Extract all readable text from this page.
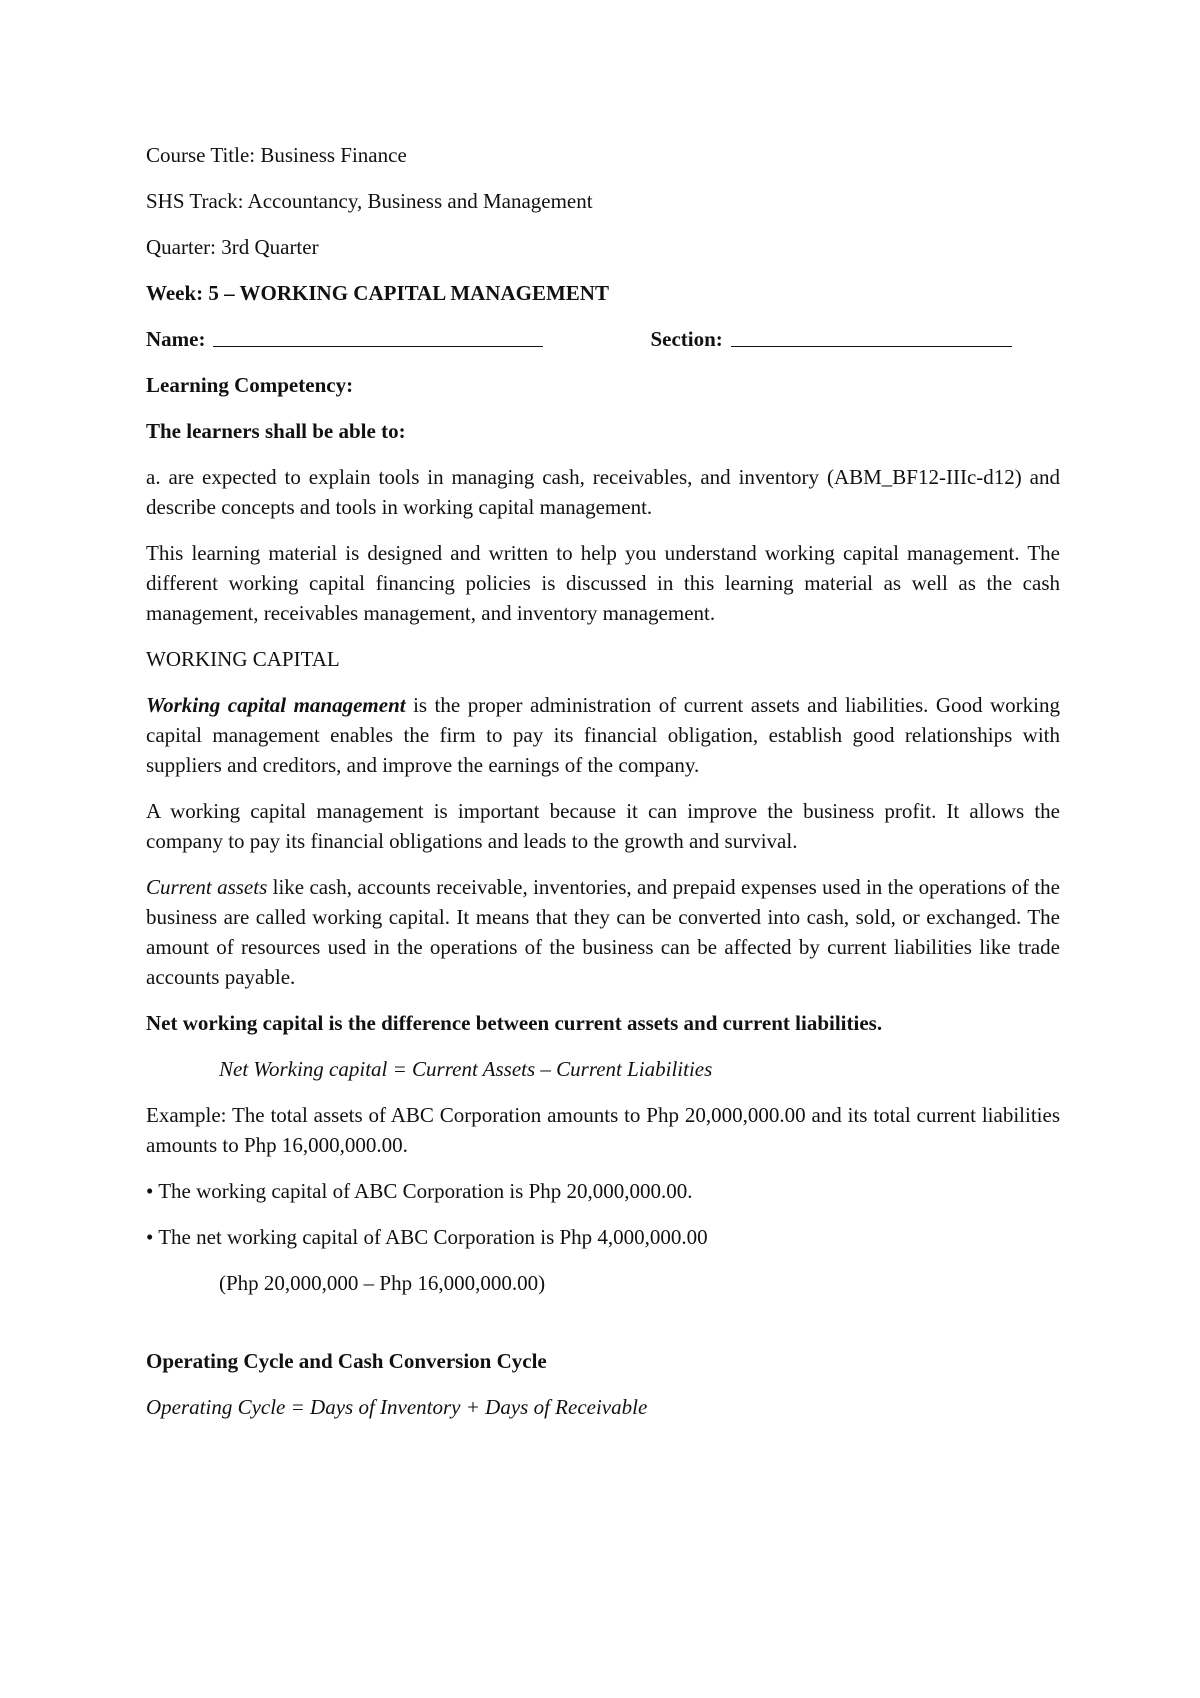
Course Title: Business Finance

SHS Track: Accountancy, Business and Management

Quarter: 3rd Quarter

Week: 5 – WORKING CAPITAL MANAGEMENT

Name:	Section:

Learning Competency:

The learners shall be able to:

a. are expected to explain tools in managing cash, receivables, and inventory (ABM_BF12-IIIc-d12) and describe concepts and tools in working capital management.

This learning material is designed and written to help you understand working capital management. The different working capital financing policies is discussed in this learning material as well as the cash management, receivables management, and inventory management.

WORKING CAPITAL

Working capital management is the proper administration of current assets and liabilities. Good working capital management enables the firm to pay its financial obligation, establish good relationships with suppliers and creditors, and improve the earnings of the company.

A working capital management is important because it can improve the business profit. It allows the company to pay its financial obligations and leads to the growth and survival.

Current assets like cash, accounts receivable, inventories, and prepaid expenses used in the operations of the business are called working capital. It means that they can be converted into cash, sold, or exchanged. The amount of resources used in the operations of the business can be affected by current liabilities like trade accounts payable.

Net working capital is the difference between current assets and current liabilities.

Net Working capital = Current Assets – Current Liabilities

Example: The total assets of ABC Corporation amounts to Php 20,000,000.00 and its total current liabilities amounts to Php 16,000,000.00.

• The working capital of ABC Corporation is Php 20,000,000.00.

• The net working capital of ABC Corporation is Php 4,000,000.00

(Php 20,000,000 – Php 16,000,000.00)

Operating Cycle and Cash Conversion Cycle

Operating Cycle = Days of Inventory + Days of Receivable
